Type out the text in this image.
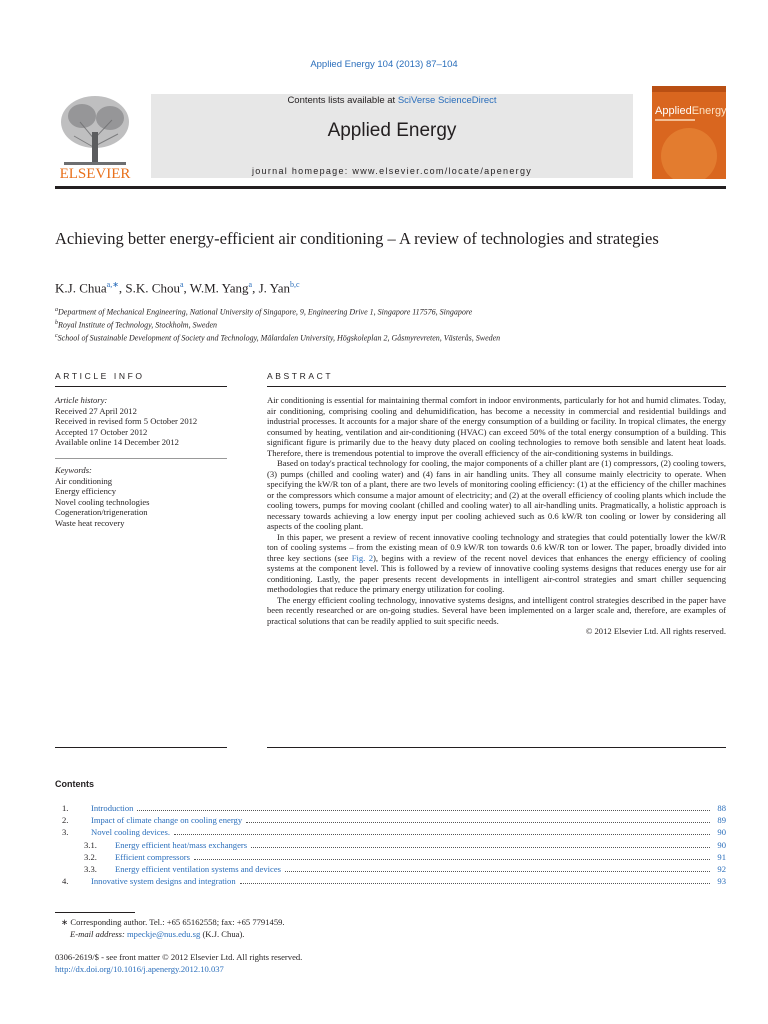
Applied Energy 104 (2013) 87–104
ELSEVIER
Contents lists available at SciVerse ScienceDirect
Applied Energy
journal homepage: www.elsevier.com/locate/apenergy
AppliedEnergy
Achieving better energy-efficient air conditioning – A review of technologies and strategies
K.J. Chua$^{a,∗}$, S.K. Chou$^a$, W.M. Yang$^a$, J. Yan$^{b,c}$
$^a$Department of Mechanical Engineering, National University of Singapore, 9, Engineering Drive 1, Singapore 117576, Singapore
$^b$Royal Institute of Technology, Stockholm, Sweden
$^c$School of Sustainable Development of Society and Technology, Mälardalen University, Högskoleplan 2, Gåsmyrevreten, Västerås, Sweden
ARTICLE INFO	ABSTRACT
Article history:
Received 27 April 2012
Received in revised form 5 October 2012
Accepted 17 October 2012
Available online 14 December 2012
Keywords:
Air conditioning
Energy efficiency
Novel cooling technologies
Cogeneration/trigeneration
Waste heat recovery

Air conditioning is essential for maintaining thermal comfort in indoor environments, particularly for hot and humid climates. Today, air conditioning, comprising cooling and dehumidification, has become a necessity in commercial and residential buildings and industrial processes. It accounts for a major share of the energy consumption of a building or facility. In tropical climates, the energy consumed by heating, ventilation and air-conditioning (HVAC) can exceed 50% of the total energy consumption of a building. This significant figure is primarily due to the heavy duty placed on cooling technologies to remove both sensible and latent heat loads. Therefore, there is tremendous potential to improve the overall efficiency of the air-conditioning systems in buildings.

Based on today's practical technology for cooling, the major components of a chiller plant are (1) compressors, (2) cooling towers, (3) pumps (chilled and cooling water) and (4) fans in air handling units. They all consume mainly electricity to operate. When specifying the kW/R ton of a plant, there are two levels of monitoring cooling efficiency: (1) at the efficiency of the chiller machines or the compressors which consume a major amount of electricity; and (2) at the overall efficiency of cooling plants which include the cooling towers, pumps for moving coolant (chilled and cooling water) to all air-handling units. Pragmatically, a holistic approach is necessary towards achieving a low energy input per cooling achieved such as 0.6 kW/R ton cooling or lower by considering all aspects of the cooling plant.

In this paper, we present a review of recent innovative cooling technology and strategies that could potentially lower the kW/R ton of cooling systems – from the existing mean of 0.9 kW/R ton towards 0.6 kW/R ton or lower. The paper, broadly divided into three key sections (see Fig. 2), begins with a review of the recent novel devices that enhances the energy efficiency of cooling systems at the component level. This is followed by a review of innovative cooling systems designs that reduces energy use for air conditioning. Lastly, the paper presents recent developments in intelligent air-control strategies and smart chiller sequencing methodologies that reduce the primary energy utilization for cooling.

The energy efficient cooling technology, innovative systems designs, and intelligent control strategies described in the paper have been recently researched or are on-going studies. Several have been implemented on a larger scale and, therefore, are examples of practical solutions that can be readily applied to suit specific needs.

© 2012 Elsevier Ltd. All rights reserved.
Contents
1.	Introduction	88
2.	Impact of climate change on cooling energy	89
3.	Novel cooling devices.	90
3.1.	Energy efficient heat/mass exchangers	90
3.2.	Efficient compressors	91
3.3.	Energy efficient ventilation systems and devices	92
4.	Innovative system designs and integration	93
∗ Corresponding author. Tel.: +65 65162558; fax: +65 7791459.
E-mail address: mpeckje@nus.edu.sg (K.J. Chua).
0306-2619/$ - see front matter © 2012 Elsevier Ltd. All rights reserved.
http://dx.doi.org/10.1016/j.apenergy.2012.10.037
